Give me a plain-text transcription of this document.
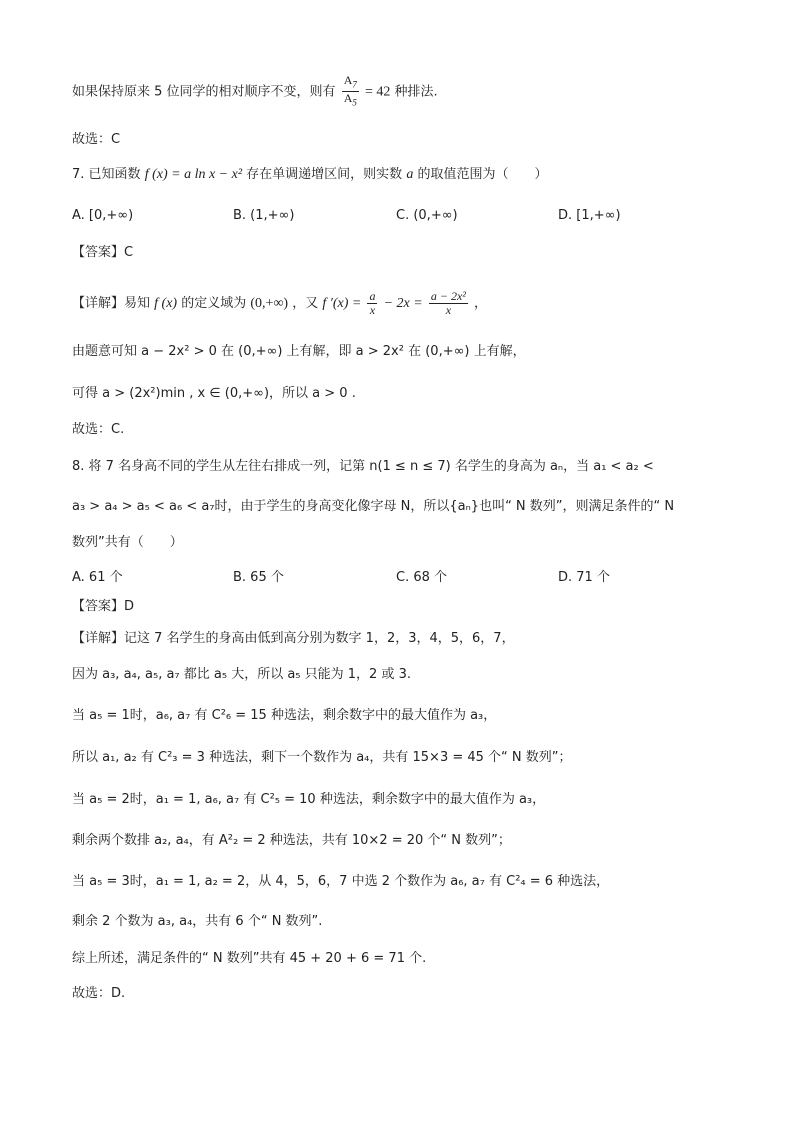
如果保持原来 5 位同学的相对顺序不变，则有 $\frac{A_7}{A_5} = 42$ 种排法.
故选：C
7. 已知函数 f (x) = a ln x − x² 存在单调递增区间，则实数 a 的取值范围为（　　）
A. [0,+∞)	B. (1,+∞)	C. (0,+∞)	D. [1,+∞)
【答案】C
【详解】易知 f (x) 的定义域为 (0,+∞) ，又 f $'(x) = \frac{a}{x} - 2x = \frac{\text{a − 2x²}}{x}$ ，
由题意可知 a − 2x² > 0 在 (0,+∞) 上有解，即 a > 2x² 在 (0,+∞) 上有解，
可得 a > (2x²)min , x ∈ (0,+∞)，所以 a > 0 .
故选：C.
8. 将 7 名身高不同的学生从左往右排成一列，记第 n(1 ≤ n ≤ 7) 名学生的身高为 aₙ，当 a₁ < a₂ <
a₃ > a₄ > a₅ < a₆ < a₇时，由于学生的身高变化像字母 N，所以{aₙ}也叫“ N 数列”，则满足条件的“ N
数列”共有（　　）
A. 61 个	B. 65 个	C. 68 个	D. 71 个
【答案】D
【详解】记这 7 名学生的身高由低到高分别为数字 1，2，3，4，5，6，7，
因为 a₃, a₄, a₅, a₇ 都比 a₅ 大，所以 a₅ 只能为 1，2 或 3.
当 a₅ = 1时，a₆, a₇ 有 C²₆ = 15 种选法，剩余数字中的最大值作为 a₃，
所以 a₁, a₂ 有 C²₃ = 3 种选法，剩下一个数作为 a₄，共有 15×3 = 45 个“ N 数列”；
当 a₅ = 2时，a₁ = 1, a₆, a₇ 有 C²₅ = 10 种选法，剩余数字中的最大值作为 a₃，
剩余两个数排 a₂, a₄，有 A²₂ = 2 种选法，共有 10×2 = 20 个“ N 数列”；
当 a₅ = 3时，a₁ = 1, a₂ = 2，从 4，5，6，7 中选 2 个数作为 a₆, a₇ 有 C²₄ = 6 种选法，
剩余 2 个数为 a₃, a₄，共有 6 个“ N 数列”.
综上所述，满足条件的“ N 数列”共有 45 + 20 + 6 = 71 个.
故选：D.
